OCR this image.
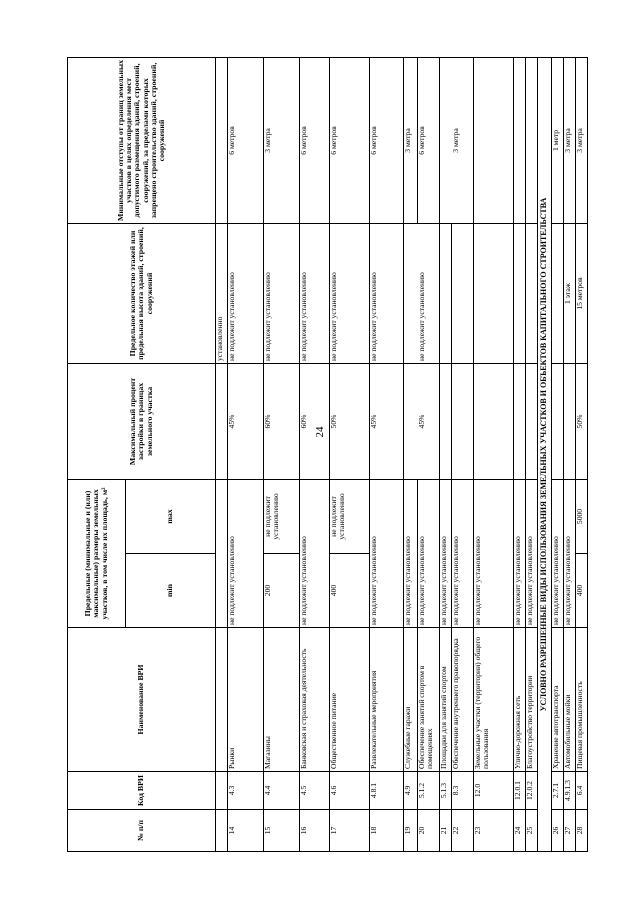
24
№ п/п	Код ВРИ	Наименование ВРИ	Предельные (минимальные и (или) максимальные) размеры земельных участков, в том числе их площадь, м²		Максимальный процент застройки в границах земельного участка	Предельное количество этажей или предельная высота зданий, строений, сооружений	Минимальные отступы от границ земельных участков в целях определения мест допустимого размещения зданий, строений, сооружений, за пределами которых запрещено строительство зданий, строений, сооружений
			min	max			
						установленно	
14	4.3	Рынки	не подлежит установлению		45%	не подлежит установлению	6 метров
15	4.4	Магазины	200	не подлежит установлению	60%	не подлежит установлению	3 метра
16	4.5	Банковская и страховая деятельность	не подлежит установлению		60%	не подлежит установлению	6 метров
17	4.6	Общественное питание	400	не подлежит установлению	50%	не подлежит установлению	6 метров
18	4.8.1	Развлекательные мероприятия	не подлежит установлению		45%	не подлежит установлению	6 метров
19	4.9	Служебные гаражи	не подлежит установлению				3 метра
20	5.1.2	Обеспечение занятий спортом в помещениях	не подлежит установлению		45%	не подлежит установлению	6 метров
21	5.1.3	Площадки для занятий спортом	не подлежит установлению				
22	8.3	Обеспечение внутреннего правопорядка	не подлежит установлению				3 метра
23	12.0	Земельные участки (территории) общего пользования	не подлежит установлению				
24	12.0.1	Улично-дорожная сеть	не подлежит установлению				
25	12.0.2	Благоустройство территории	не подлежит установлению				
УСЛОВНО РАЗРЕШЕННЫЕ ВИДЫ ИСПОЛЬЗОВАНИЯ ЗЕМЕЛЬНЫХ УЧАСТКОВ И ОБЪЕКТОВ КАПИТАЛЬНОГО СТРОИТЕЛЬСТВА							
26	2.7.1	Хранение автотранспорта	не подлежит установлению				1 метр
27	4.9.1.3	Автомобильные мойки	не подлежит установлению			1 этаж	3 метра
28	6.4	Пищевая промышленность	400	5000	50%	15 метров	3 метра
